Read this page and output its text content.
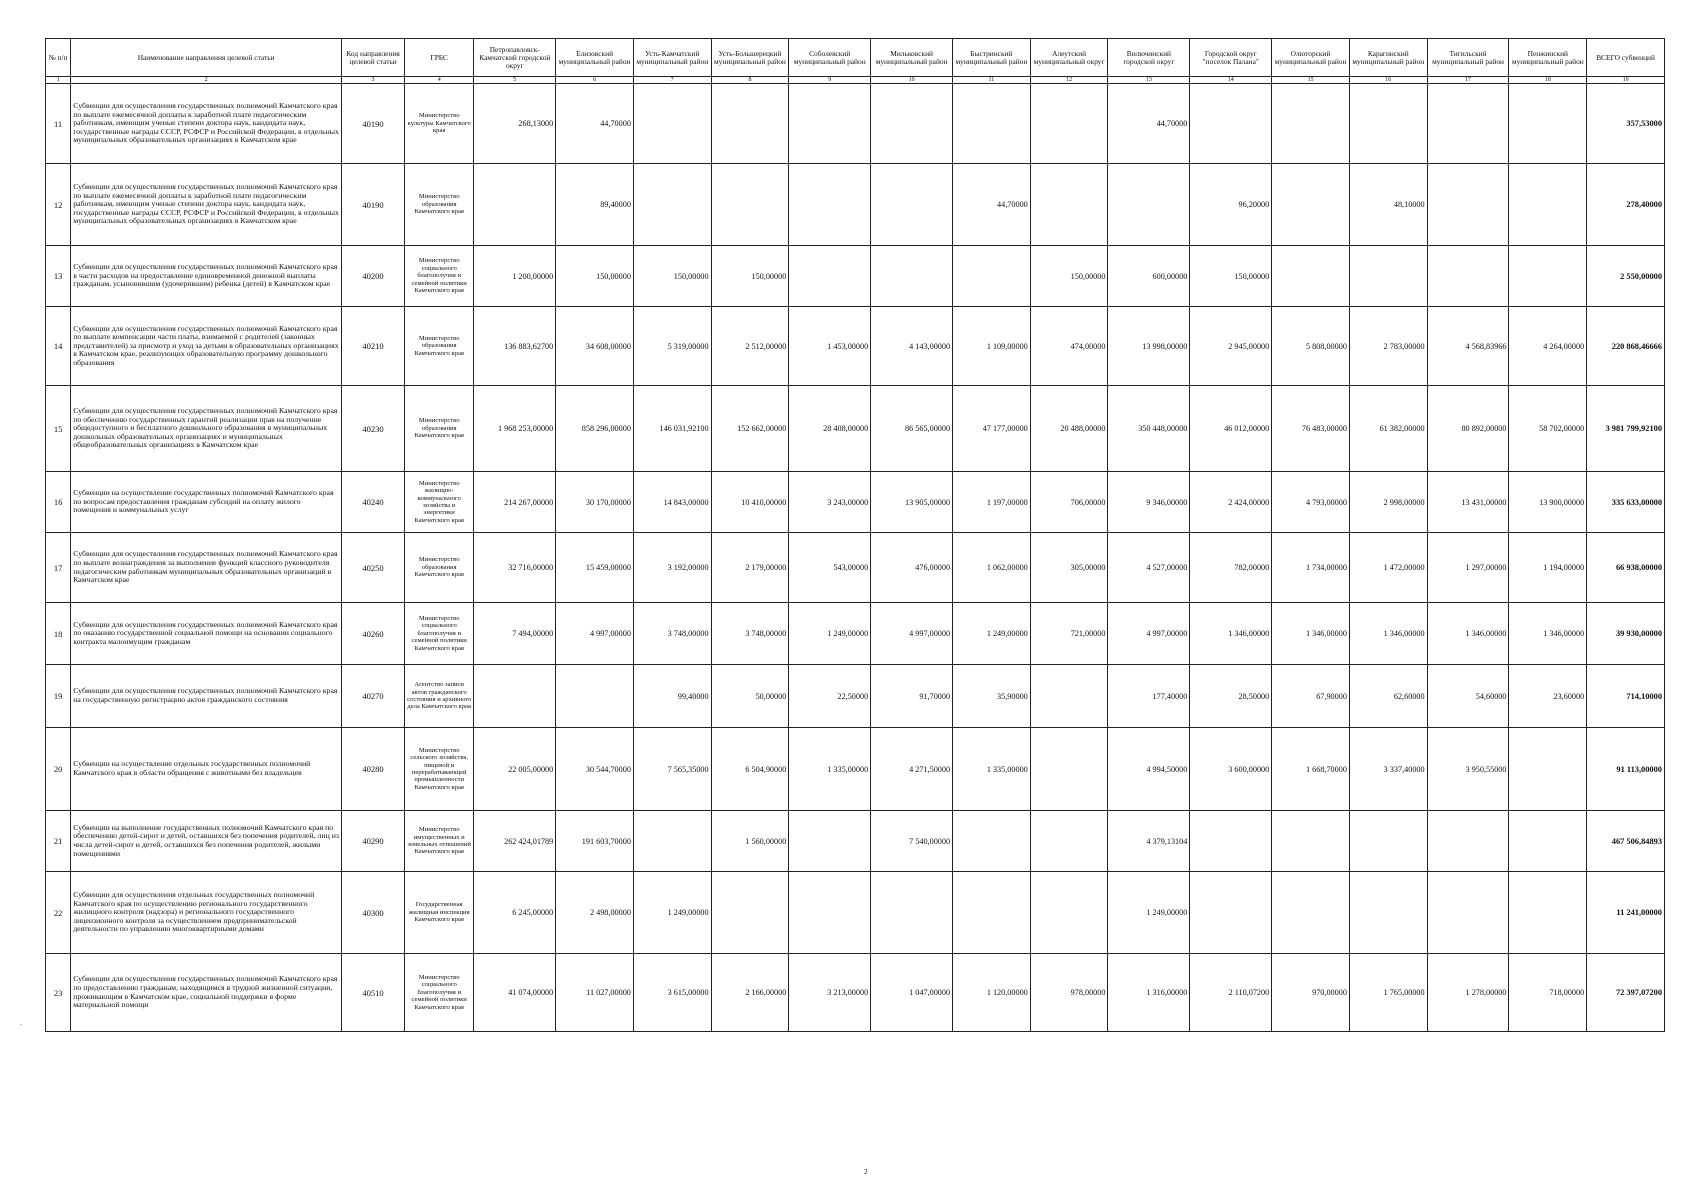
№ п/п	Наименование направления целевой статьи	Код направления целевой статьи	ГРБС	Петропавловск-Камчатский городской округ	Елизовский муниципальный район	Усть-Камчатский муниципальный район	Усть-Большерецкий муниципальный район	Соболевский муниципальный район	Мильковский муниципальный район	Быстринский муниципальный район	Алеутский муниципальный округ	Вилючинский городской округ	Городской округ "поселок Палана"	Олюторский муниципальный район	Карагинский муниципальный район	Тигильский муниципальный район	Пенжинский муниципальный район	ВСЕГО субвенций
1	2	3	4	5	6	7	8	9	10	11	12	13	14	15	16	17	18	19
11	Субвенции для осуществления государственных полномочий Камчатского края по выплате ежемесячной доплаты к заработной плате педагогическим работникам, имеющим ученые степени доктора наук, кандидата наук, государственные награды СССР, РСФСР и Российской Федерации, в отдельных муниципальных образовательных организациях в Камчатском крае	40190	Министерство культуры Камчатского края	268,13000	44,70000							44,70000						357,53000
12	Субвенции для осуществления государственных полномочий Камчатского края по выплате ежемесячной доплаты к заработной плате педагогическим работникам, имеющим ученые степени доктора наук, кандидата наук, государственные награды СССР, РСФСР и Российской Федерации, в отдельных муниципальных образовательных организациях в Камчатском крае	40190	Министерство образования Камчатского края		89,40000					44,70000			96,20000		48,10000			278,40000
13	Субвенции для осуществления государственных полномочий Камчатского края в части расходов на предоставление единовременной денежной выплаты гражданам, усыновившим (удочерившим) ребенка (детей) в Камчатском крае	40200	Министерство социального благополучия и семейной политики Камчатского края	1 200,00000	150,00000	150,00000	150,00000				150,00000	600,00000	150,00000					2 550,00000
14	Субвенции для осуществления государственных полномочий Камчатского края по выплате компенсации части платы, взимаемой с родителей (законных представителей) за присмотр и уход за детьми в образовательных организациях в Камчатском крае, реализующих образовательную программу дошкольного образования	40210	Министерство образования Камчатского края	136 883,62700	34 608,00000	5 319,00000	2 512,00000	1 453,00000	4 143,00000	1 109,00000	474,00000	13 998,00000	2 945,00000	5 808,00000	2 783,00000	4 568,83966	4 264,00000	220 868,46666
15	Субвенции для осуществления государственных полномочий Камчатского края по обеспечению государственных гарантий реализации прав на получение общедоступного и бесплатного дошкольного образования в муниципальных дошкольных образовательных организациях и муниципальных общеобразовательных организациях в Камчатском крае	40230	Министерство образования Камчатского края	1 968 253,00000	858 296,00000	146 031,92100	152 662,00000	28 408,00000	86 565,00000	47 177,00000	20 488,00000	350 448,00000	46 012,00000	76 483,00000	61 382,00000	80 892,00000	58 702,00000	3 981 799,92100
16	Субвенции на осуществление государственных полномочий Камчатского края по вопросам предоставления гражданам субсидий на оплату жилого помещения и коммунальных услуг	40240	Министерство жилищно-коммунального хозяйства и энергетики Камчатского края	214 267,00000	30 170,00000	14 843,00000	10 410,00000	3 243,00000	13 905,00000	1 197,00000	706,00000	9 346,00000	2 424,00000	4 793,00000	2 998,00000	13 431,00000	13 900,00000	335 633,00000
17	Субвенции для осуществления государственных полномочий Камчатского края по выплате вознаграждения за выполнение функций классного руководителя педагогическим работникам муниципальных образовательных организаций в Камчатском крае	40250	Министерство образования Камчатского края	32 716,00000	15 459,00000	3 192,00000	2 179,00000	543,00000	476,00000	1 062,00000	305,00000	4 527,00000	782,00000	1 734,00000	1 472,00000	1 297,00000	1 194,00000	66 938,00000
18	Субвенции для осуществления государственных полномочий Камчатского края по оказанию государственной социальной помощи на основании социального контракта малоимущим гражданам	40260	Министерство социального благополучия и семейной политики Камчатского края	7 494,00000	4 997,00000	3 748,00000	3 748,00000	1 249,00000	4 997,00000	1 249,00000	721,00000	4 997,00000	1 346,00000	1 346,00000	1 346,00000	1 346,00000	1 346,00000	39 930,00000
19	Субвенции для осуществления государственных полномочий Камчатского края на государственную регистрацию актов гражданского состояния	40270	Агентство записи актов гражданского состояния и архивного дела Камчатского края			99,40000	50,00000	22,50000	91,70000	35,90000		177,40000	28,50000	67,90000	62,60000	54,60000	23,60000	714,10000
20	Субвенции на осуществление отдельных государственных полномочий Камчатского края в области обращения с животными без владельцев	40280	Министерство сельского хозяйства, пищевой и перерабатывающей промышленности Камчатского края	22 005,00000	30 544,70000	7 565,35000	6 504,90000	1 335,00000	4 271,50000	1 335,00000		4 994,50000	3 600,00000	1 668,70000	3 337,40000	3 950,55000		91 113,00000
21	Субвенции на выполнение государственных полномочий Камчатского края по обеспечению детей-сирот и детей, оставшихся без попечения родителей, лиц из числа детей-сирот и детей, оставшихся без попечения родителей, жилыми помещениями	40290	Министерство имущественных и земельных отношений Камчатского края	262 424,01789	191 603,70000		1 560,00000		7 540,00000			4 379,13104						467 506,84893
22	Субвенции для осуществления отдельных государственных полномочий Камчатского края по осуществлению регионального государственного жилищного контроля (надзора) и регионального государственного лицензионного контроля за осуществлением предпринимательской деятельности по управлению многоквартирными домами	40300	Государственная жилищная инспекция Камчатского края	6 245,00000	2 498,00000	1 249,00000						1 249,00000						11 241,00000
23	Субвенции для осуществления государственных полномочий Камчатского края по предоставлению гражданам, находящимся в трудной жизненной ситуации, проживающим в Камчатском крае, социальной поддержки в форме материальной помощи	40510	Министерство социального благополучия и семейной политики Камчатского края	41 074,00000	11 027,00000	3 615,00000	2 166,00000	3 213,00000	1 047,00000	1 120,00000	978,00000	1 316,00000	2 110,07200	970,00000	1 765,00000	1 278,00000	718,00000	72 397,07200
2
.
